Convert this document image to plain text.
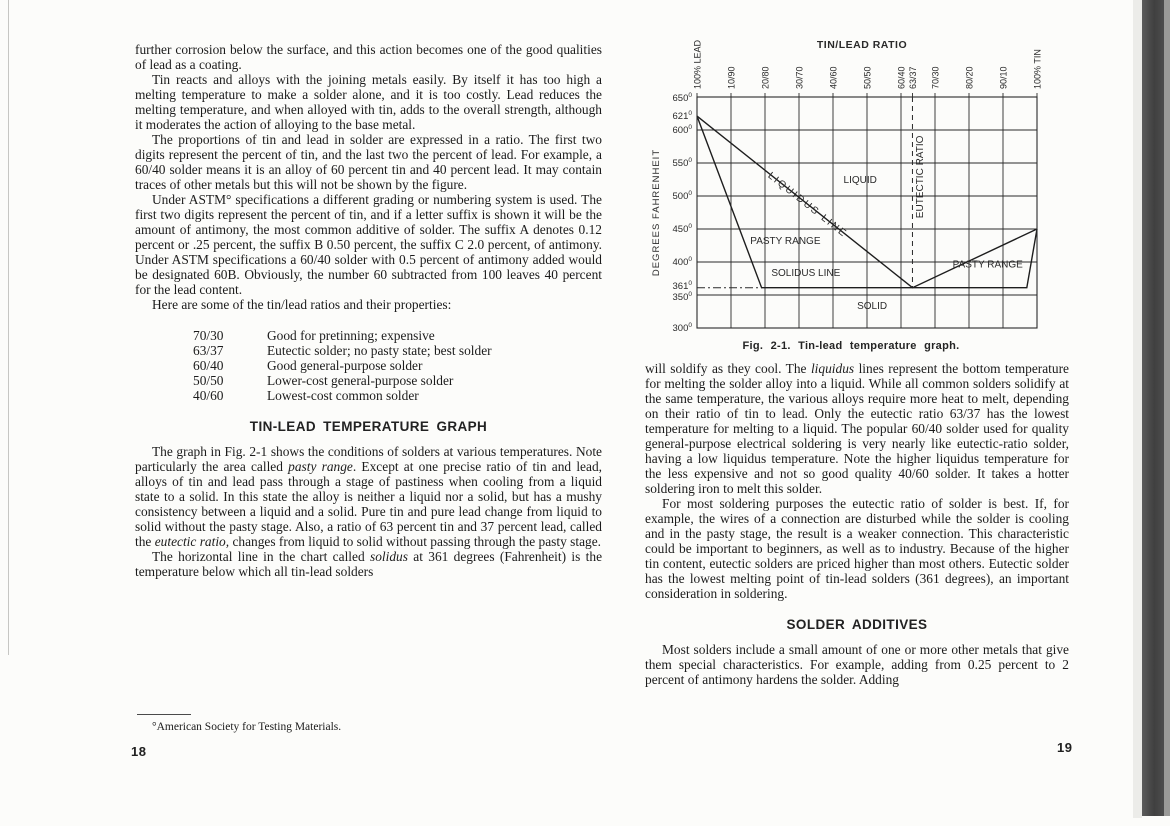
further corrosion below the surface, and this action becomes one of the good qualities of lead as a coating.

Tin reacts and alloys with the joining metals easily. By itself it has too high a melting temperature to make a solder alone, and it is too costly. Lead reduces the melting temperature, and when alloyed with tin, adds to the overall strength, although it moderates the action of alloying to the base metal.

The proportions of tin and lead in solder are expressed in a ratio. The first two digits represent the percent of tin, and the last two the percent of lead. For example, a 60/40 solder means it is an alloy of 60 percent tin and 40 percent lead. It may contain traces of other metals but this will not be shown by the figure.

Under ASTM° specifications a different grading or numbering system is used. The first two digits represent the percent of tin, and if a letter suffix is shown it will be the amount of antimony, the most common additive of solder. The suffix A denotes 0.12 percent or .25 percent, the suffix B 0.50 percent, the suffix C 2.0 percent, of antimony. Under ASTM specifications a 60/40 solder with 0.5 percent of antimony added would be designated 60B. Obviously, the number 60 subtracted from 100 leaves 40 percent for the lead content.

Here are some of the tin/lead ratios and their properties:

70/30	Good for pretinning; expensive
63/37	Eutectic solder; no pasty state; best solder
60/40	Good general-purpose solder
50/50	Lower-cost general-purpose solder
40/60	Lowest-cost common solder
TIN-LEAD TEMPERATURE GRAPH

The graph in Fig. 2-1 shows the conditions of solders at various temperatures. Note particularly the area called pasty range. Except at one precise ratio of tin and lead, alloys of tin and lead pass through a stage of pastiness when cooling from a liquid state to a solid. In this state the alloy is neither a liquid nor a solid, but has a mushy consistency between a liquid and a solid. Pure tin and pure lead change from liquid to solid without the pasty stage. Also, a ratio of 63 percent tin and 37 percent lead, called the eutectic ratio, changes from liquid to solid without passing through the pasty stage.

The horizontal line in the chart called solidus at 361 degrees (Fahrenheit) is the temperature below which all tin-lead solders

°American Society for Testing Materials.
18
$650^0$
$621^0$
$600^0$
$550^0$
$500^0$
$450^0$
$400^0$
$361^0$
$350^0$
$300^0$
100% LEAD	10/90	20/80	30/70	40/60	50/50	60/40 63/37 70/30	80/20	90/10	100% TIN
TIN/LEAD RATIO
DEGREES FAHRENHEIT	LIQUID
LIQUIDUS LINE
PASTY RANGE
SOLIDUS LINE
PASTY RANGE
SOLID
EUTECTIC RATIO
Fig. 2-1. Tin-lead temperature graph.

will soldify as they cool. The liquidus lines represent the bottom temperature for melting the solder alloy into a liquid. While all common solders solidify at the same temperature, the various alloys require more heat to melt, depending on their ratio of tin to lead. Only the eutectic ratio 63/37 has the lowest temperature for melting to a liquid. The popular 60/40 solder used for quality general-purpose electrical soldering is very nearly like eutectic-ratio solder, having a low liquidus temperature. Note the higher liquidus temperature for the less expensive and not so good quality 40/60 solder. It takes a hotter soldering iron to melt this solder.

For most soldering purposes the eutectic ratio of solder is best. If, for example, the wires of a connection are disturbed while the solder is cooling and in the pasty stage, the result is a weaker connection. This characteristic could be important to beginners, as well as to industry. Because of the higher tin content, eutectic solders are priced higher than most others. Eutectic solder has the lowest melting point of tin-lead solders (361 degrees), an important consideration in soldering.

SOLDER ADDITIVES

Most solders include a small amount of one or more other metals that give them special characteristics. For example, adding from 0.25 percent to 2 percent of antimony hardens the solder. Adding

19
